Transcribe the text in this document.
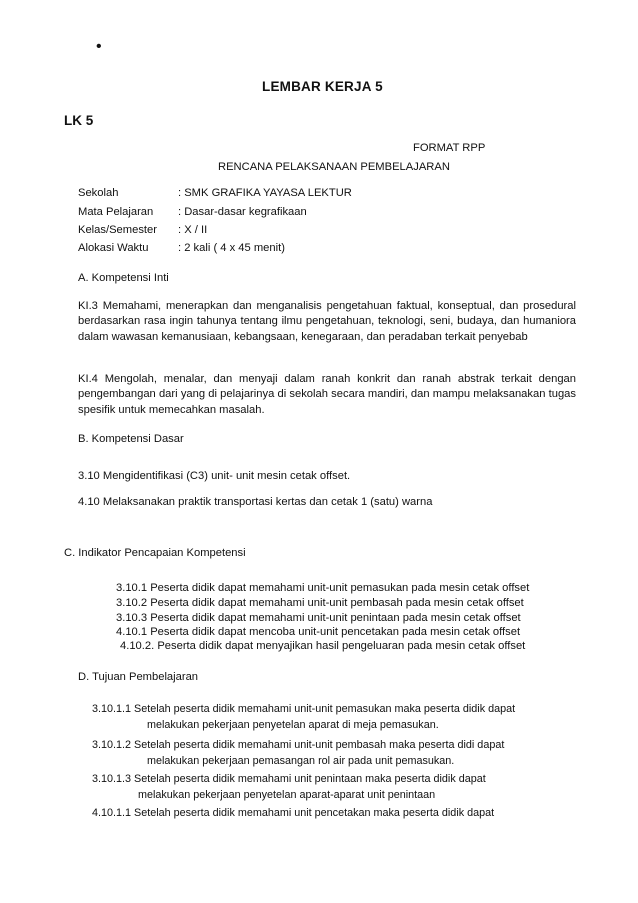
•
LEMBAR KERJA 5
LK 5
FORMAT RPP
RENCANA PELAKSANAAN PEMBELAJARAN
Sekolah	: SMK GRAFIKA YAYASA LEKTUR
Mata Pelajaran : Dasar-dasar kegrafikaan
Kelas/Semester : X / II
Alokasi Waktu	: 2 kali ( 4 x 45 menit)
A. Kompetensi Inti
KI.3 Memahami, menerapkan dan menganalisis pengetahuan faktual, konseptual, dan prosedural berdasarkan rasa ingin tahunya tentang ilmu pengetahuan, teknologi, seni, budaya, dan humaniora dalam wawasan kemanusiaan, kebangsaan, kenegaraan, dan peradaban terkait penyebab
KI.4 Mengolah, menalar, dan menyaji dalam ranah konkrit dan ranah abstrak terkait dengan pengembangan dari yang di pelajarinya di sekolah secara mandiri, dan mampu melaksanakan tugas spesifik untuk memecahkan masalah.
B. Kompetensi Dasar
3.10 Mengidentifikasi (C3) unit- unit mesin cetak offset.
4.10 Melaksanakan praktik transportasi kertas dan cetak 1 (satu) warna
C. Indikator Pencapaian Kompetensi
3.10.1 Peserta didik dapat memahami unit-unit pemasukan pada mesin cetak offset
3.10.2 Peserta didik dapat memahami unit-unit pembasah pada mesin cetak offset
3.10.3 Peserta didik dapat memahami unit-unit penintaan pada mesin cetak offset
4.10.1 Peserta didik dapat mencoba unit-unit pencetakan pada mesin cetak offset
4.10.2. Peserta didik dapat menyajikan hasil pengeluaran pada mesin cetak offset
D. Tujuan Pembelajaran
3.10.1.1 Setelah peserta didik memahami unit-unit pemasukan maka peserta didik dapat
melakukan pekerjaan penyetelan aparat di meja pemasukan.
3.10.1.2 Setelah peserta didik memahami unit-unit pembasah maka peserta didi dapat
melakukan pekerjaan pemasangan rol air pada unit pemasukan.
3.10.1.3 Setelah peserta didik memahami unit penintaan maka peserta didik dapat
melakukan pekerjaan penyetelan aparat-aparat unit penintaan
4.10.1.1 Setelah peserta didik memahami unit pencetakan maka peserta didik dapat
